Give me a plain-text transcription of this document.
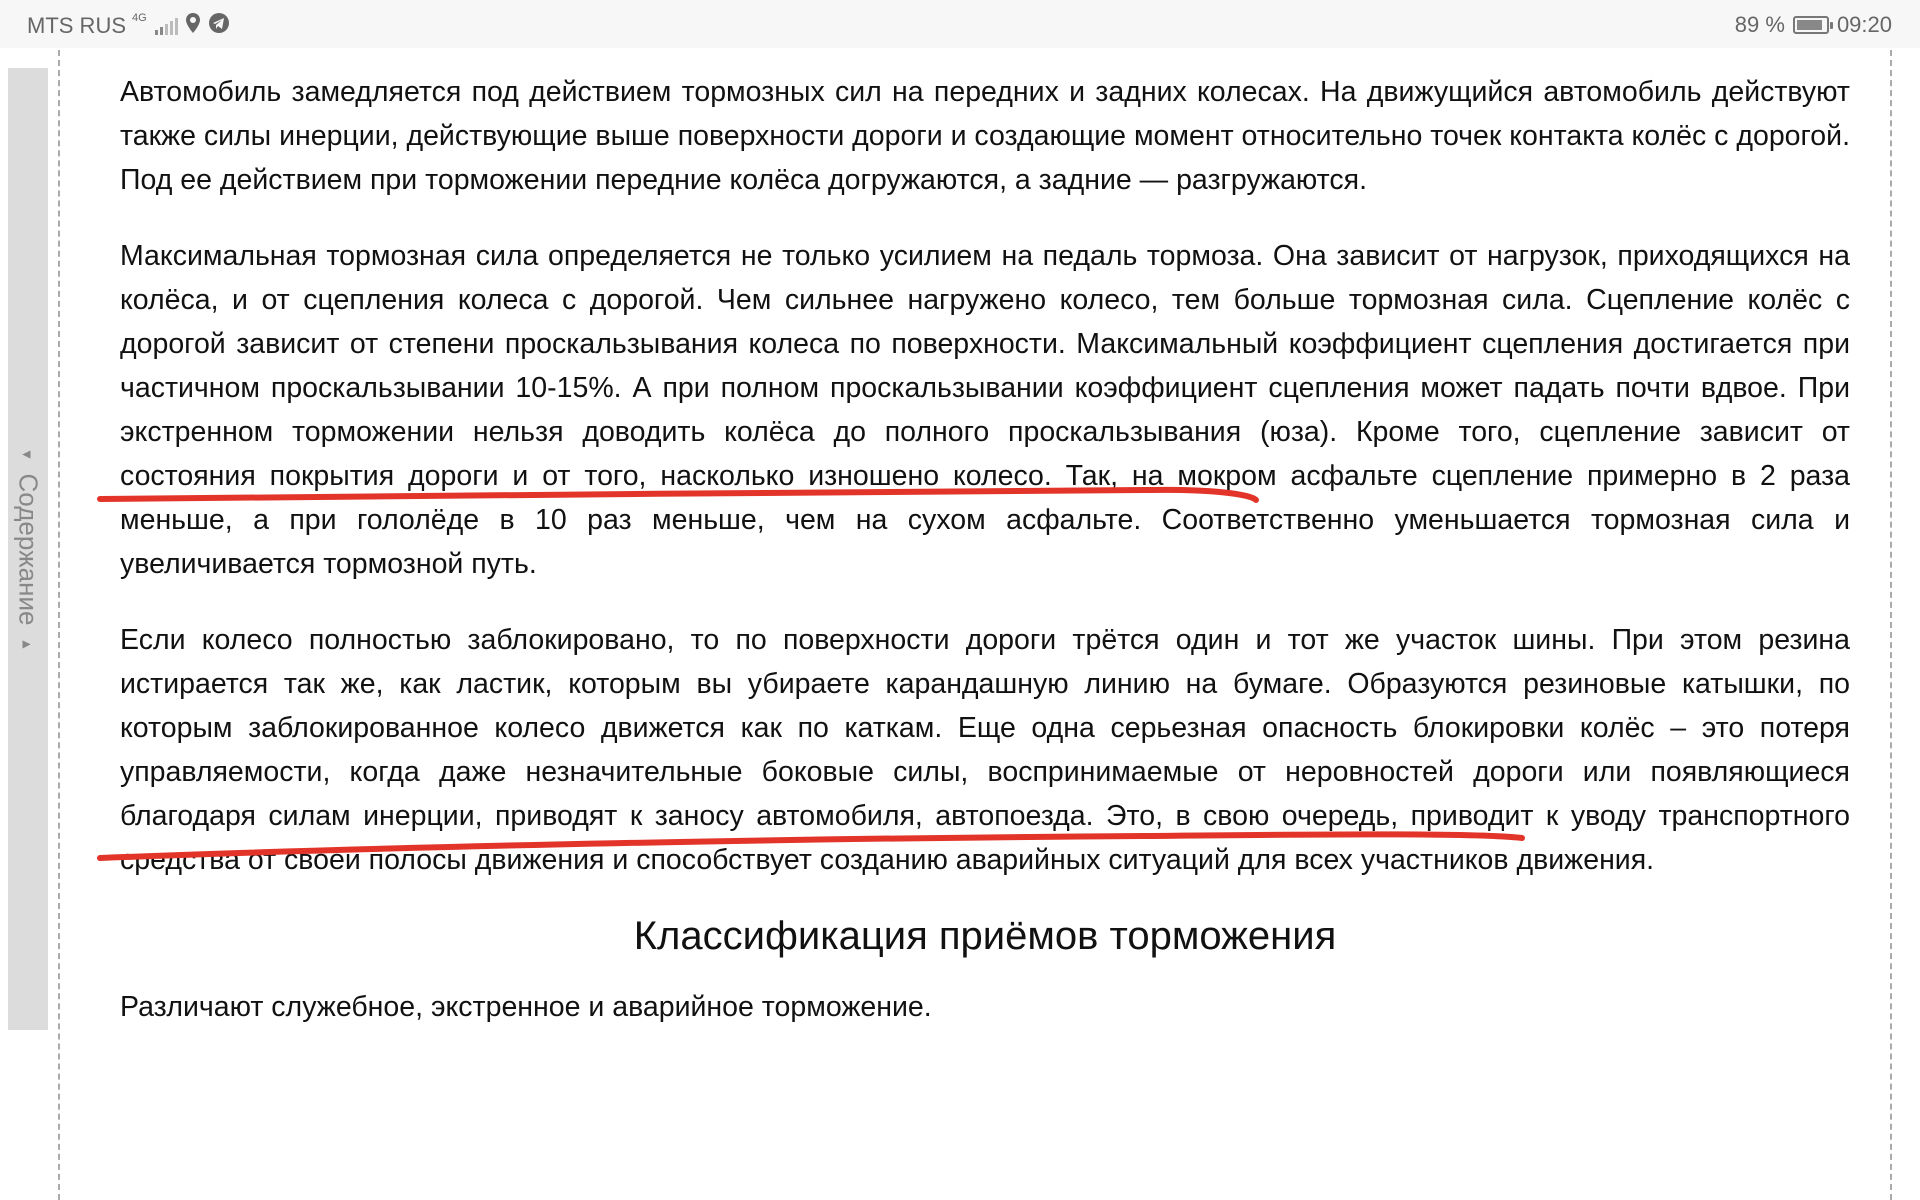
MTS RUS 4G	89 % 09:20
▼
Содержание
▲

Автомобиль замедляется под действием тормозных сил на передних и задних колесах. На движущийся автомобиль действуют также силы инерции, действующие выше поверхности дороги и создающие момент относительно точек контакта колёс с дорогой. Под ее действием при торможении передние колёса догружаются, а задние — разгружаются.

Максимальная тормозная сила определяется не только усилием на педаль тормоза. Она зависит от нагрузок, приходящихся на колёса, и от сцепления колеса с дорогой. Чем сильнее нагружено колесо, тем больше тормозная сила. Сцепление колёс с дорогой зависит от степени проскальзывания колеса по поверхности. Максимальный коэффициент сцепления достигается при частичном проскальзывании 10-15%. А при полном проскальзывании коэффициент сцепления может падать почти вдвое. При экстренном торможении нельзя доводить колёса до полного проскальзывания (юза). Кроме того, сцепление зависит от состояния покрытия дороги и от того, насколько изношено колесо. Так, на мокром асфальте сцепление примерно в 2 раза меньше, а при гололёде в 10 раз меньше, чем на сухом асфальте. Соответственно уменьшается тормозная сила и увеличивается тормозной путь.

Если колесо полностью заблокировано, то по поверхности дороги трётся один и тот же участок шины. При этом резина истирается так же, как ластик, которым вы убираете карандашную линию на бумаге. Образуются резиновые катышки, по которым заблокированное колесо движется как по каткам. Еще одна серьезная опасность блокировки колёс – это потеря управляемости, когда даже незначительные боковые силы, воспринимаемые от неровностей дороги или появляющиеся благодаря силам инерции, приводят к заносу автомобиля, автопоезда. Это, в свою очередь, приводит к уводу транспортного средства от своей полосы движения и способствует созданию аварийных ситуаций для всех участников движения.

Классификация приёмов торможения

Различают служебное, экстренное и аварийное торможение.
